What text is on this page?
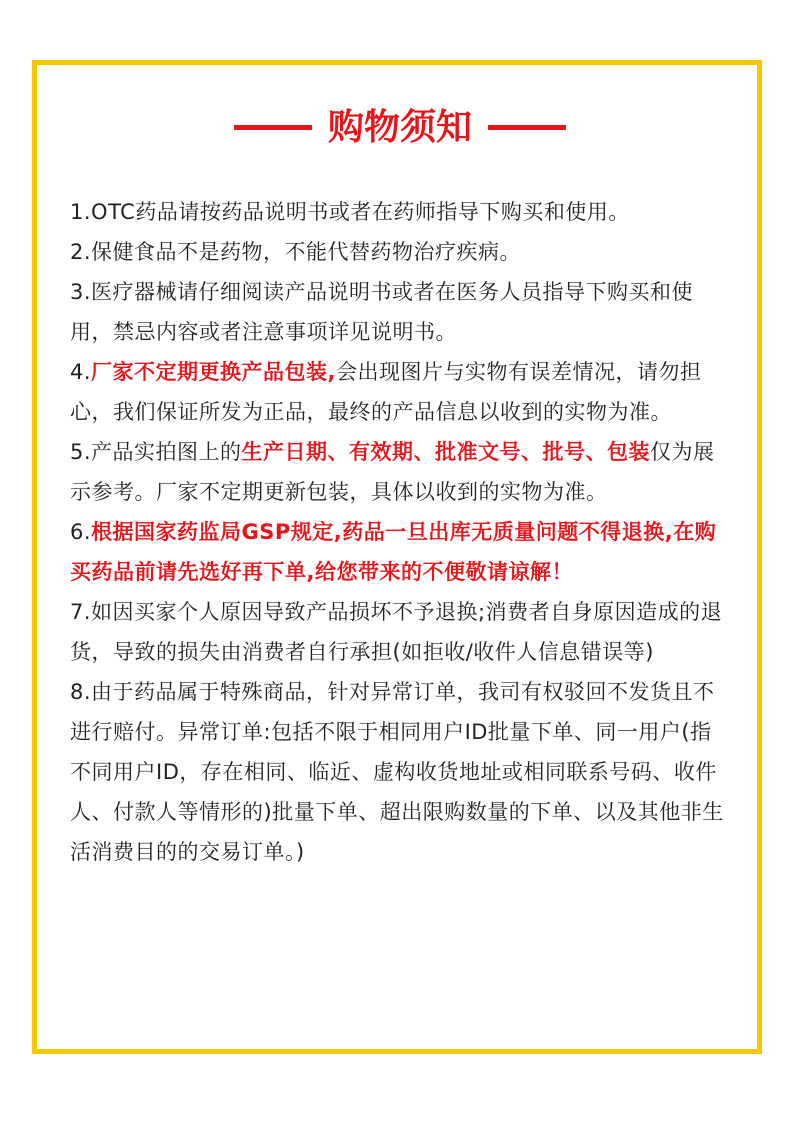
购物须知
1.OTC药品请按药品说明书或者在药师指导下购买和使用。
2.保健食品不是药物，不能代替药物治疗疾病。
3.医疗器械请仔细阅读产品说明书或者在医务人员指导下购买和使用，禁忌内容或者注意事项详见说明书。
4.厂家不定期更换产品包装,会出现图片与实物有误差情况，请勿担心，我们保证所发为正品，最终的产品信息以收到的实物为准。
5.产品实拍图上的生产日期、有效期、批准文号、批号、包装仅为展示参考。厂家不定期更新包装，具体以收到的实物为准。
6.根据国家药监局GSP规定,药品一旦出库无质量问题不得退换,在购买药品前请先选好再下单,给您带来的不便敬请谅解！
7.如因买家个人原因导致产品损坏不予退换;消费者自身原因造成的退货，导致的损失由消费者自行承担(如拒收/收件人信息错误等)
8.由于药品属于特殊商品，针对异常订单，我司有权驳回不发货且不进行赔付。异常订单:包括不限于相同用户ID批量下单、同一用户(指不同用户ID，存在相同、临近、虚构收货地址或相同联系号码、收件人、付款人等情形的)批量下单、超出限购数量的下单、以及其他非生活消费目的的交易订单。)
